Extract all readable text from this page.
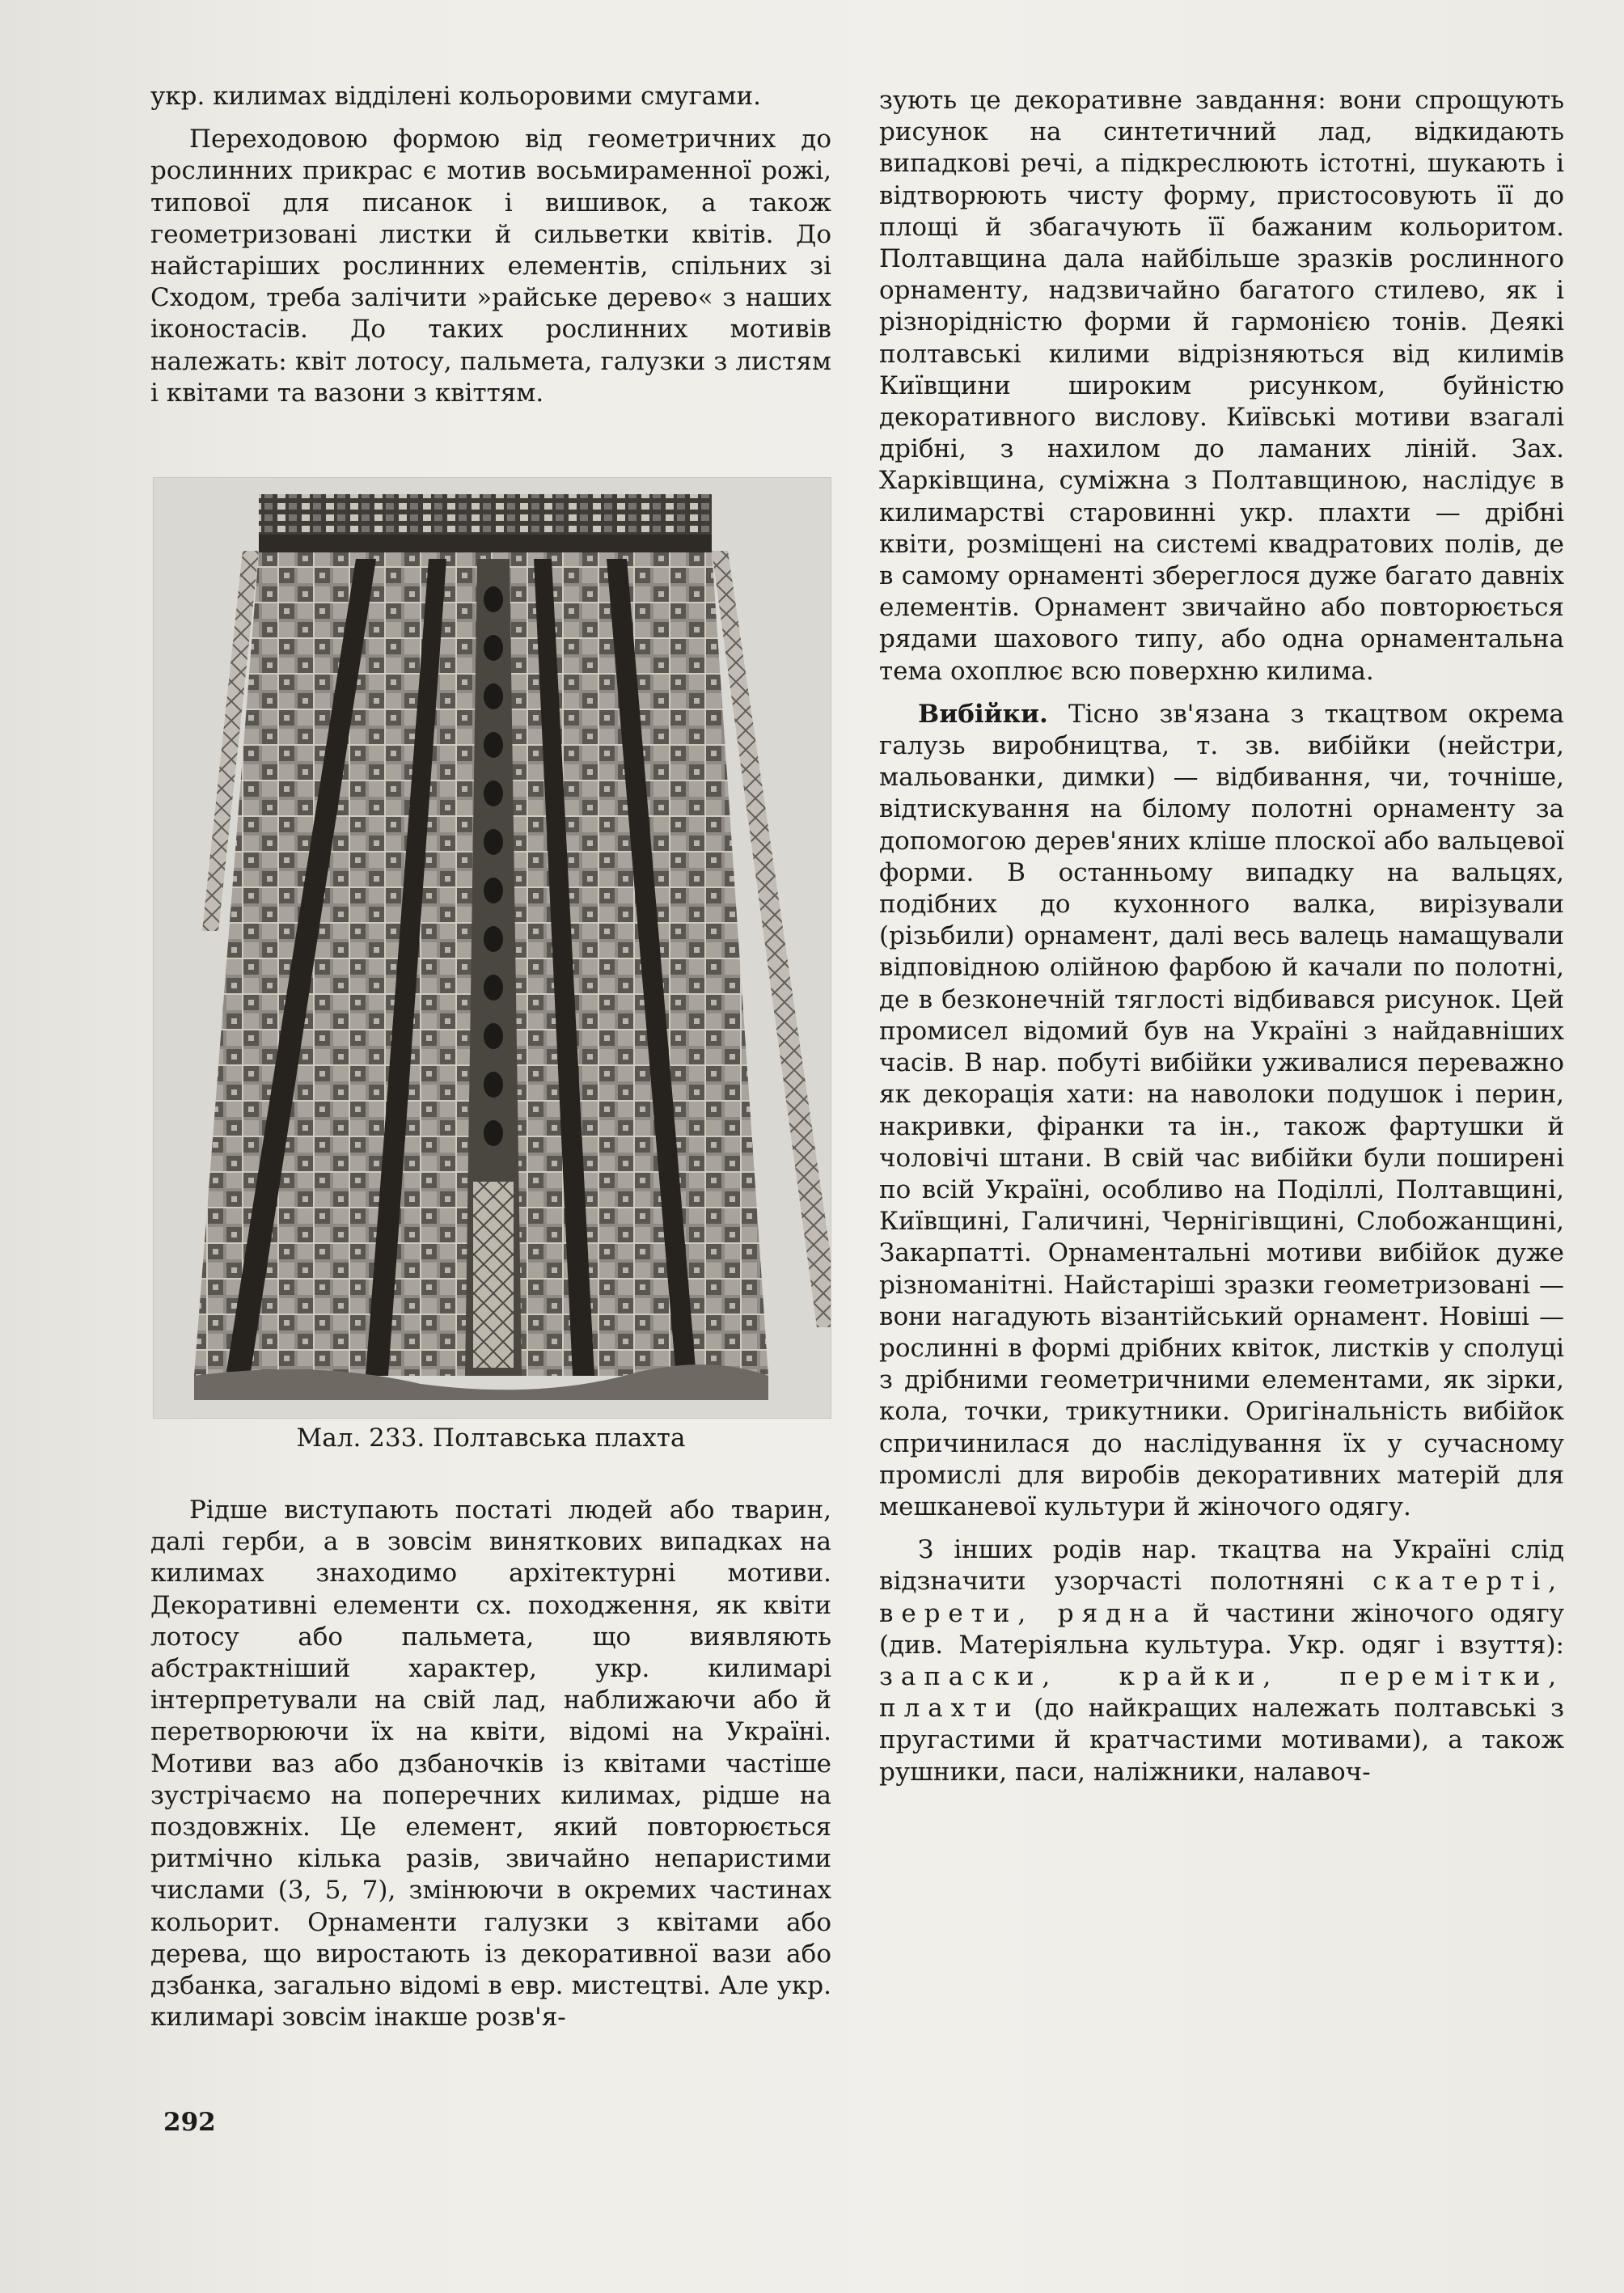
укр. килимах відділені кольоровими смугами.

Переходовою формою від геометричних до рослинних прикрас є мотив восьмираменної рожі, типової для писанок і вишивок, а також геометризовані листки й сильветки квітів. До найстаріших рослинних елементів, спільних зі Сходом, треба залічити »райське дерево« з наших іконостасів. До таких рослинних мотивів належать: квіт лотосу, пальмета, галузки з листям і квітами та вазони з квіттям.

Мал. 233. Полтавська плахта

Рідше виступають постаті людей або тварин, далі герби, а в зовсім виняткових випадках на килимах знаходимо архітектурні мотиви. Декоративні елементи сх. походження, як квіти лотосу або пальмета, що виявляють абстрактніший характер, укр. килимарі інтерпретували на свій лад, наближаючи або й перетворюючи їх на квіти, відомі на Україні. Мотиви ваз або дзбаночків із квітами частіше зустрічаємо на поперечних килимах, рідше на поздовжніх. Це елемент, який повторюється ритмічно кілька разів, звичайно непаристими числами (3, 5, 7), змінюючи в окремих частинах кольорит. Орнаменти галузки з квітами або дерева, що виростають із декоративної вази або дзбанка, загально відомі в евр. мистецтві. Але укр. килимарі зовсім інакше розв'я-

зують це декоративне завдання: вони спрощують рисунок на синтетичний лад, відкидають випадкові речі, а підкреслюють істотні, шукають і відтворюють чисту форму, пристосовують її до площі й збагачують її бажаним кольоритом. Полтавщина дала найбільше зразків рослинного орнаменту, надзвичайно багатого стилево, як і різнорідністю форми й гармонією тонів. Деякі полтавські килими відрізняються від килимів Київщини широким рисунком, буйністю декоративного вислову. Київські мотиви взагалі дрібні, з нахилом до ламаних ліній. Зах. Харківщина, суміжна з Полтавщиною, наслідує в килимарстві старовинні укр. плахти — дрібні квіти, розміщені на системі квадратових полів, де в самому орнаменті збереглося дуже багато давніх елементів. Орнамент звичайно або повторюється рядами шахового типу, або одна орнаментальна тема охоплює всю поверхню килима.

Вибійки. Тісно зв'язана з ткацтвом окрема галузь виробництва, т. зв. вибійки (нейстри, мальованки, димки) — відбивання, чи, точніше, відтискування на білому полотні орнаменту за допомогою дерев'яних кліше плоскої або вальцевої форми. В останньому випадку на вальцях, подібних до кухонного валка, вирізували (різьбили) орнамент, далі весь валець намащували відповідною олійною фарбою й качали по полотні, де в безконечній тяглості відбивався рисунок. Цей промисел відомий був на Україні з найдавніших часів. В нар. побуті вибійки уживалися переважно як декорація хати: на наволоки подушок і перин, накривки, фіранки та ін., також фартушки й чоловічі штани. В свій час вибійки були поширені по всій Україні, особливо на Поділлі, Полтавщині, Київщині, Галичині, Чернігівщині, Слобожанщині, Закарпатті. Орнаментальні мотиви вибійок дуже різноманітні. Найстаріші зразки геометризовані — вони нагадують візантійський орнамент. Новіші — рослинні в формі дрібних квіток, листків у сполуці з дрібними геометричними елементами, як зірки, кола, точки, трикутники. Оригінальність вибійок спричинилася до наслідування їх у сучасному промислі для виробів декоративних матерій для мешканевої культури й жіночого одягу.

З інших родів нар. ткацтва на Україні слід відзначити узорчасті полотняні скатерті, верети, рядна й частини жіночого одягу (див. Матеріяльна культура. Укр. одяг і взуття): запаски, крайки, перемітки, плахти (до найкращих належать полтавські з пругастими й кратчастими мотивами), а також рушники, паси, наліжники, налавоч-

292
